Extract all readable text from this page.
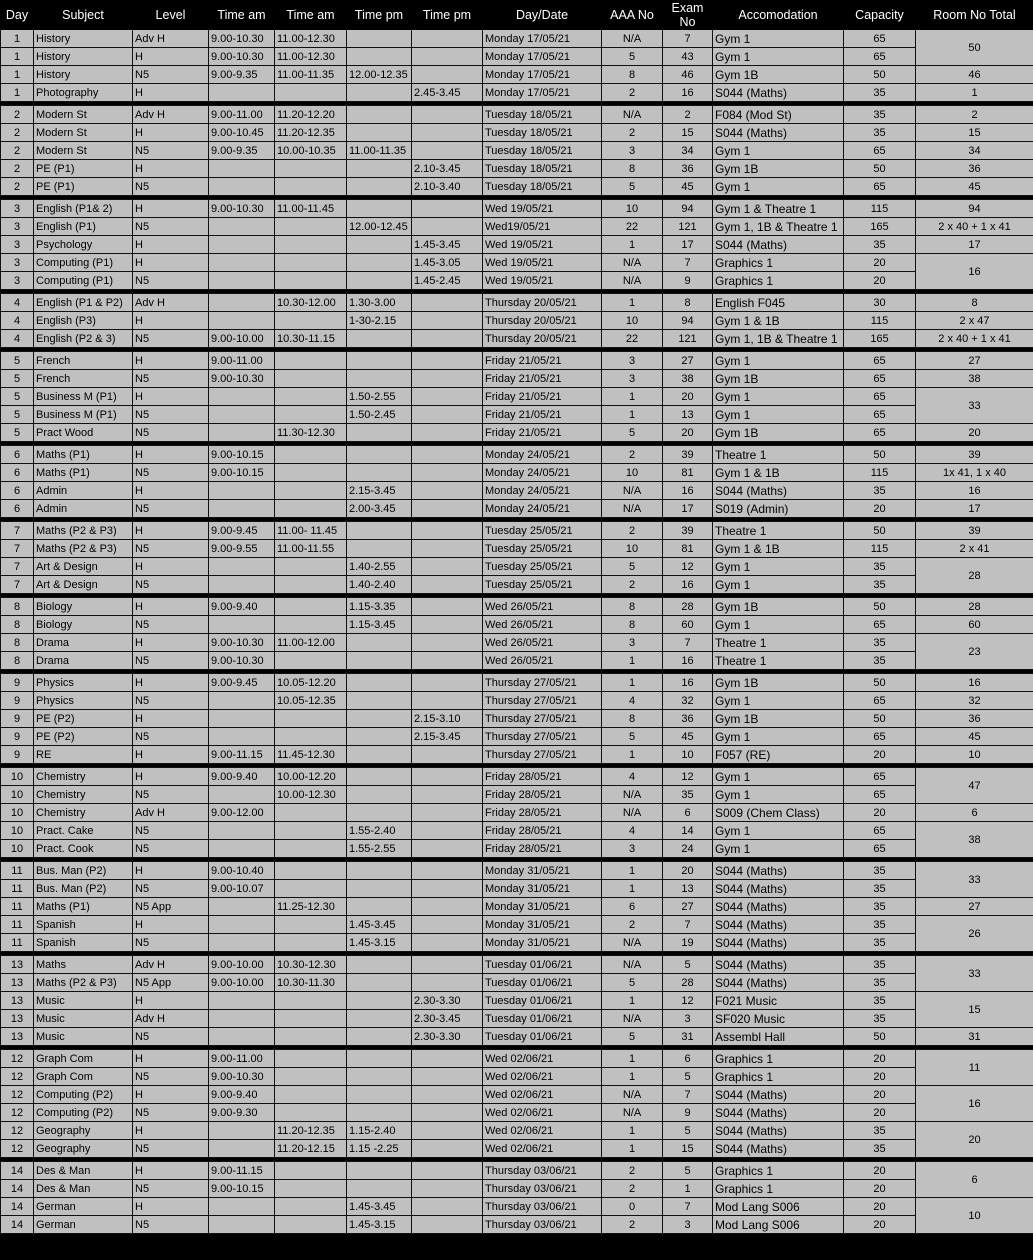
Day	Subject	Level	Time am	Time am	Time pm	Time pm	Day/Date	AAA No	Exam No	Accomodation	Capacity	Room No Total
1	History	Adv H	9.00-10.30	11.00-12.30			Monday 17/05/21	N/A	7	Gym 1	65	50
1	History	H	9.00-10.30	11.00-12.30			Monday 17/05/21	5	43	Gym 1	65	
1	History	N5	9.00-9.35	11.00-11.35	12.00-12.35		Monday 17/05/21	8	46	Gym 1B	50	46
1	Photography	H				2.45-3.45	Monday 17/05/21	2	16	S044 (Maths)	35	1

2	Modern St	Adv H	9.00-11.00	11.20-12.20			Tuesday 18/05/21	N/A	2	F084 (Mod St)	35	2
2	Modern St	H	9.00-10.45	11.20-12.35			Tuesday 18/05/21	2	15	S044 (Maths)	35	15
2	Modern St	N5	9.00-9.35	10.00-10.35	11.00-11.35		Tuesday 18/05/21	3	34	Gym 1	65	34
2	PE (P1)	H				2.10-3.45	Tuesday 18/05/21	8	36	Gym 1B	50	36
2	PE (P1)	N5				2.10-3.40	Tuesday 18/05/21	5	45	Gym 1	65	45

3	English (P1& 2)	H	9.00-10.30	11.00-11.45			Wed 19/05/21	10	94	Gym 1 & Theatre 1	115	94
3	English (P1)	N5			12.00-12.45		Wed19/05/21	22	121	Gym 1, 1B & Theatre 1	165	2 x 40 + 1 x 41
3	Psychology	H				1.45-3.45	Wed 19/05/21	1	17	S044 (Maths)	35	17
3	Computing (P1)	H				1.45-3.05	Wed 19/05/21	N/A	7	Graphics 1	20	16
3	Computing (P1)	N5				1.45-2.45	Wed 19/05/21	N/A	9	Graphics 1	20	

4	English (P1 & P2)	Adv H		10.30-12.00	1.30-3.00		Thursday 20/05/21	1	8	English F045	30	8
4	English (P3)	H			1-30-2.15		Thursday 20/05/21	10	94	Gym 1 & 1B	115	2 x 47
4	English (P2 & 3)	N5	9.00-10.00	10.30-11.15			Thursday 20/05/21	22	121	Gym 1, 1B & Theatre 1	165	2 x 40 + 1 x 41

5	French	H	9.00-11.00				Friday 21/05/21	3	27	Gym 1	65	27
5	French	N5	9.00-10.30				Friday 21/05/21	3	38	Gym 1B	65	38
5	Business M (P1)	H			1.50-2.55		Friday 21/05/21	1	20	Gym 1	65	33
5	Business M (P1)	N5			1.50-2.45		Friday 21/05/21	1	13	Gym 1	65	
5	Pract Wood	N5		11.30-12.30			Friday 21/05/21	5	20	Gym 1B	65	20

6	Maths (P1)	H	9.00-10.15				Monday 24/05/21	2	39	Theatre 1	50	39
6	Maths (P1)	N5	9.00-10.15				Monday 24/05/21	10	81	Gym 1 & 1B	115	1x 41, 1 x 40
6	Admin	H			2.15-3.45		Monday 24/05/21	N/A	16	S044 (Maths)	35	16
6	Admin	N5			2.00-3.45		Monday 24/05/21	N/A	17	S019 (Admin)	20	17

7	Maths (P2 & P3)	H	9.00-9.45	11.00- 11.45			Tuesday 25/05/21	2	39	Theatre 1	50	39
7	Maths (P2 & P3)	N5	9.00-9.55	11.00-11.55			Tuesday 25/05/21	10	81	Gym 1 & 1B	115	2 x 41
7	Art & Design	H			1.40-2.55		Tuesday 25/05/21	5	12	Gym 1	35	28
7	Art & Design	N5			1.40-2.40		Tuesday 25/05/21	2	16	Gym 1	35	

8	Biology	H	9.00-9.40		1.15-3.35		Wed 26/05/21	8	28	Gym 1B	50	28
8	Biology	N5			1.15-3.45		Wed 26/05/21	8	60	Gym 1	65	60
8	Drama	H	9.00-10.30	11.00-12.00			Wed 26/05/21	3	7	Theatre 1	35	23
8	Drama	N5	9.00-10.30				Wed 26/05/21	1	16	Theatre 1	35	

9	Physics	H	9.00-9.45	10.05-12.20			Thursday 27/05/21	1	16	Gym 1B	50	16
9	Physics	N5		10.05-12.35			Thursday 27/05/21	4	32	Gym 1	65	32
9	PE (P2)	H				2.15-3.10	Thursday 27/05/21	8	36	Gym 1B	50	36
9	PE (P2)	N5				2.15-3.45	Thursday 27/05/21	5	45	Gym 1	65	45
9	RE	H	9.00-11.15	11.45-12.30			Thursday 27/05/21	1	10	F057 (RE)	20	10

10	Chemistry	H	9.00-9.40	10.00-12.20			Friday 28/05/21	4	12	Gym 1	65	47
10	Chemistry	N5		10.00-12.30			Friday 28/05/21	N/A	35	Gym 1	65	
10	Chemistry	Adv H	9.00-12.00				Friday 28/05/21	N/A	6	S009 (Chem Class)	20	6
10	Pract. Cake	N5			1.55-2.40		Friday 28/05/21	4	14	Gym 1	65	38
10	Pract. Cook	N5			1.55-2.55		Friday 28/05/21	3	24	Gym 1	65	

11	Bus. Man (P2)	H	9.00-10.40				Monday 31/05/21	1	20	S044 (Maths)	35	33
11	Bus. Man (P2)	N5	9.00-10.07				Monday 31/05/21	1	13	S044 (Maths)	35	
11	Maths (P1)	N5 App		11.25-12.30			Monday 31/05/21	6	27	S044 (Maths)	35	27
11	Spanish	H			1.45-3.45		Monday 31/05/21	2	7	S044 (Maths)	35	26
11	Spanish	N5			1.45-3.15		Monday 31/05/21	N/A	19	S044 (Maths)	35	

13	Maths	Adv H	9.00-10.00	10.30-12.30			Tuesday 01/06/21	N/A	5	S044 (Maths)	35	33
13	Maths (P2 & P3)	N5 App	9.00-10.00	10.30-11.30			Tuesday 01/06/21	5	28	S044 (Maths)	35	
13	Music	H				2.30-3.30	Tuesday 01/06/21	1	12	F021 Music	35	15
13	Music	Adv H				2.30-3.45	Tuesday 01/06/21	N/A	3	SF020 Music	35	
13	Music	N5				2.30-3.30	Tuesday 01/06/21	5	31	Assembl Hall	50	31

12	Graph Com	H	9.00-11.00				Wed 02/06/21	1	6	Graphics 1	20	11
12	Graph Com	N5	9.00-10.30				Wed 02/06/21	1	5	Graphics 1	20	
12	Computing (P2)	H	9.00-9.40				Wed 02/06/21	N/A	7	S044 (Maths)	20	16
12	Computing (P2)	N5	9.00-9.30				Wed 02/06/21	N/A	9	S044 (Maths)	20	
12	Geography	H		11.20-12.35	1.15-2.40		Wed 02/06/21	1	5	S044 (Maths)	35	20
12	Geography	N5		11.20-12.15	1.15 -2.25		Wed 02/06/21	1	15	S044 (Maths)	35	

14	Des & Man	H	9.00-11.15				Thursday 03/06/21	2	5	Graphics 1	20	6
14	Des & Man	N5	9.00-10.15				Thursday 03/06/21	2	1	Graphics 1	20	
14	German	H			1.45-3.45		Thursday 03/06/21	0	7	Mod Lang S006	20	10
14	German	N5			1.45-3.15		Thursday 03/06/21	2	3	Mod Lang S006	20	
